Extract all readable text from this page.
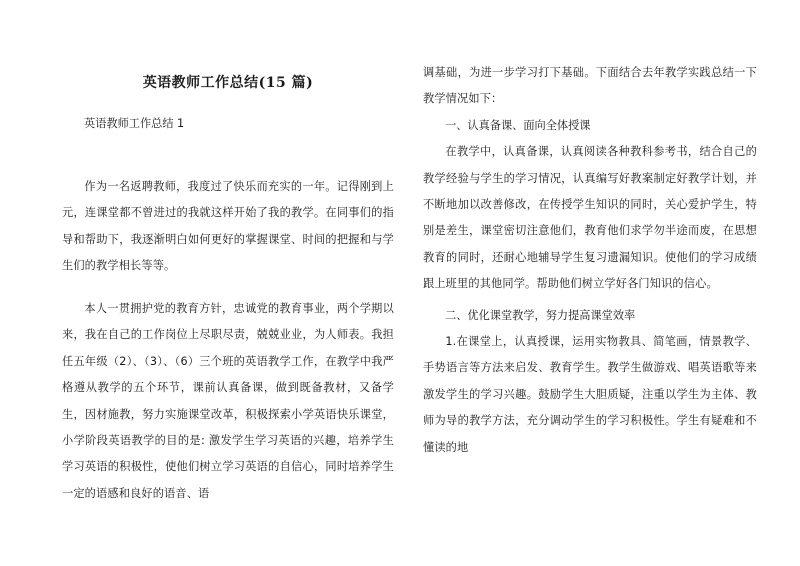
英语教师工作总结(15 篇)

英语教师工作总结 1

作为一名返聘教师，我度过了快乐而充实的一年。记得刚到上元，连课堂都不曾进过的我就这样开始了我的教学。在同事们的指导和帮助下，我逐渐明白如何更好的掌握课堂、时间的把握和与学生们的教学相长等等。

本人一贯拥护党的教育方针，忠诚党的教育事业，两个学期以来，我在自己的工作岗位上尽职尽责，兢兢业业，为人师表。我担任五年级（2）、（3）、（6）三个班的英语教学工作，在教学中我严格遵从教学的五个环节，课前认真备课，做到既备教材，又备学生，因材施教，努力实施课堂改革，积极探索小学英语快乐课堂，小学阶段英语教学的目的是: 激发学生学习英语的兴趣，培养学生学习英语的积极性，使他们树立学习英语的自信心，同时培养学生一定的语感和良好的语音、语

调基础，为进一步学习打下基础。下面结合去年教学实践总结一下教学情况如下：

一、认真备课、面向全体授课

在教学中，认真备课，认真阅读各种教科参考书，结合自己的教学经验与学生的学习情况，认真编写好教案制定好教学计划，并不断地加以改善修改，在传授学生知识的同时，关心爱护学生，特别是差生，课堂密切注意他们，教育他们求学勿半途而废，在思想教育的同时，还耐心地辅导学生复习遗漏知识。使他们的学习成绩跟上班里的其他同学。帮助他们树立学好各门知识的信心。

二、优化课堂教学，努力提高课堂效率

1.在课堂上，认真授课，运用实物教具、简笔画，情景教学、手势语言等方法来启发、教育学生。教学生做游戏、唱英语歌等来激发学生的学习兴趣。鼓励学生大胆质疑，注重以学生为主体、教师为导的教学方法，充分调动学生的学习积极性。学生有疑难和不懂读的地
